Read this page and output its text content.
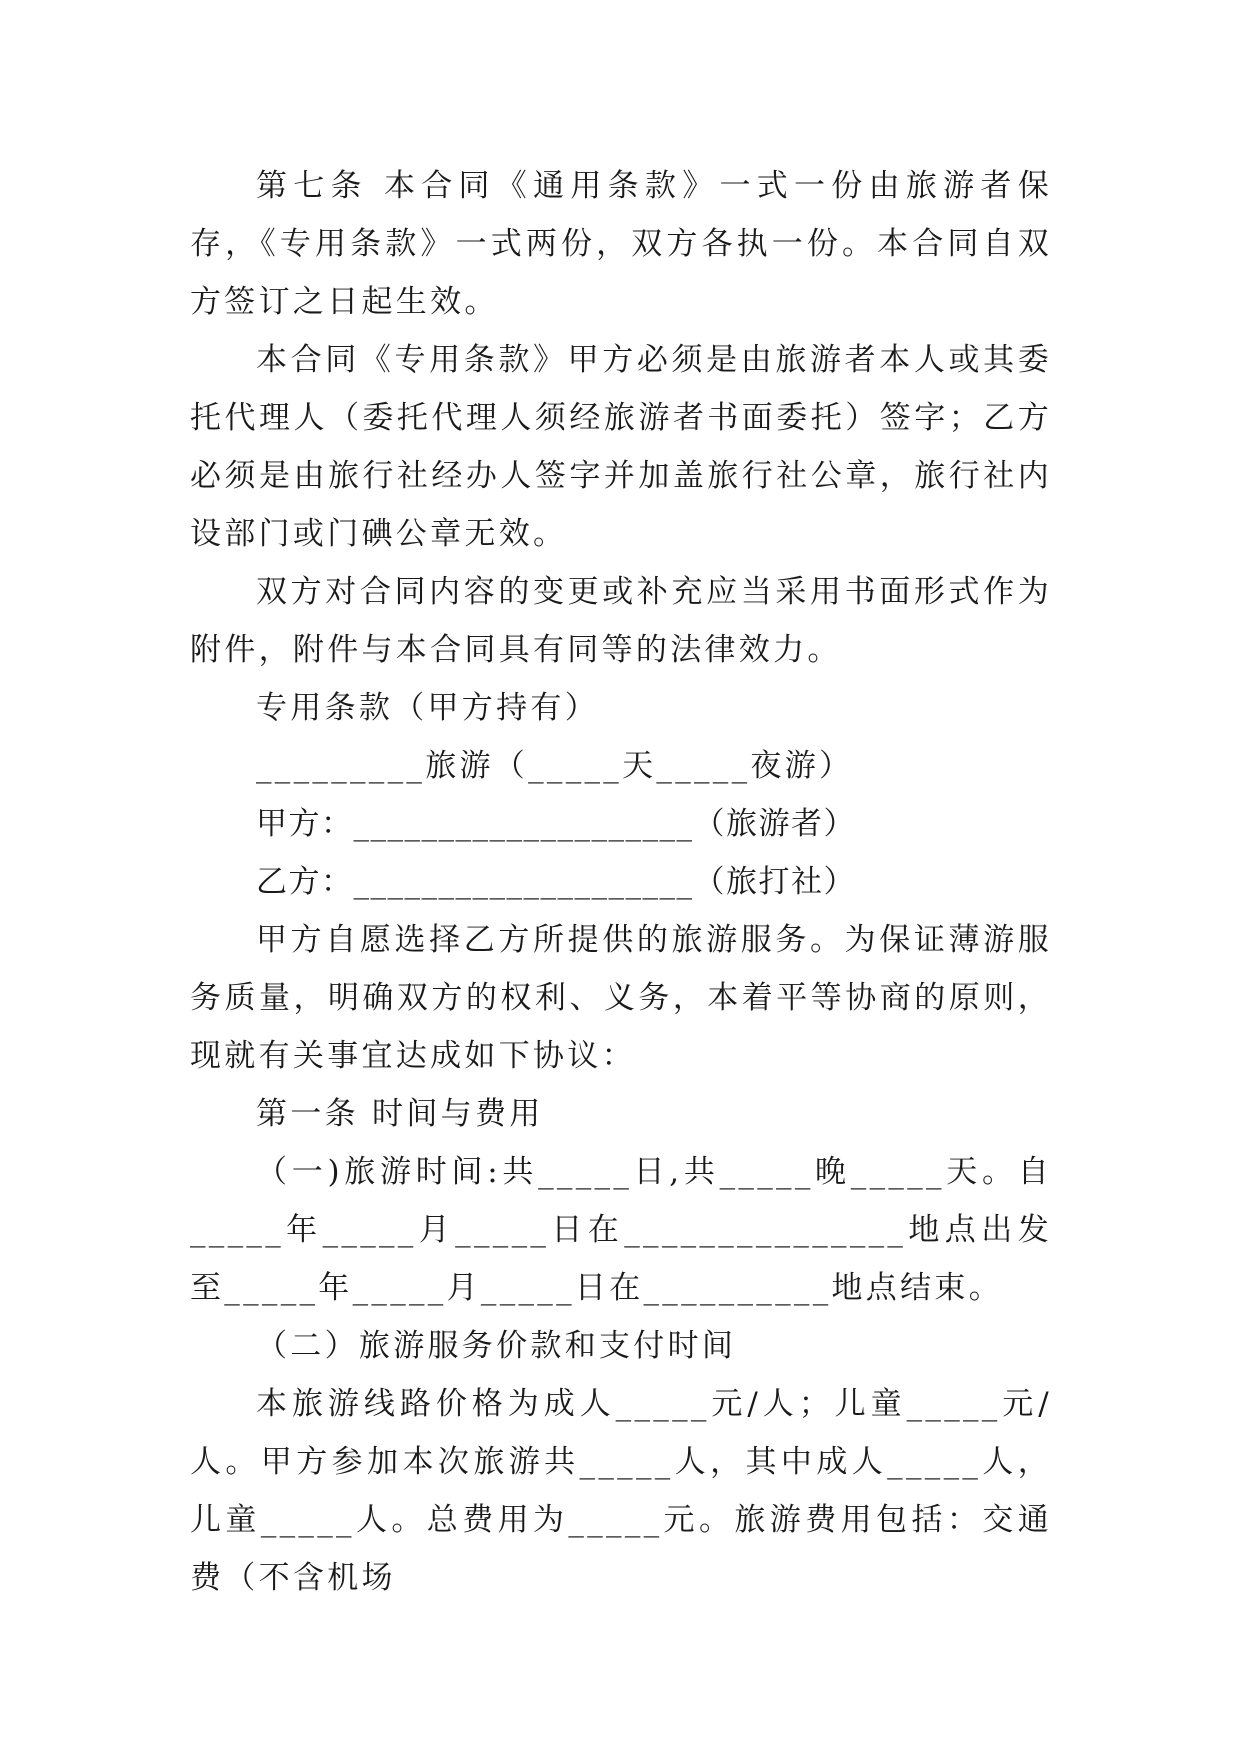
第七条 本合同《通用条款》一式一份由旅游者保存，《专用条款》一式两份，双方各执一份。本合同自双方签订之日起生效。

本合同《专用条款》甲方必须是由旅游者本人或其委托代理人（委托代理人须经旅游者书面委托）签字；乙方必须是由旅行社经办人签字并加盖旅行社公章，旅行社内设部门或门碘公章无效。

双方对合同内容的变更或补充应当采用书面形式作为附件，附件与本合同具有同等的法律效力。

专用条款（甲方持有）

_________旅游（_____天_____夜游）

甲方：____________________（旅游者）

乙方：____________________（旅打社）

甲方自愿选择乙方所提供的旅游服务。为保证薄游服务质量，明确双方的权利、义务，本着平等协商的原则，现就有关事宜达成如下协议：

第一条 时间与费用

（一)旅游时间:共_____日,共_____晚_____天。自_____年_____月_____日在_______________地点出发至_____年_____月_____日在__________地点结束。

（二）旅游服务价款和支付时间

本旅游线路价格为成人_____元/人；儿童_____元/人。甲方参加本次旅游共_____人，其中成人_____人，儿童_____人。总费用为_____元。旅游费用包括：交通费（不含机场
